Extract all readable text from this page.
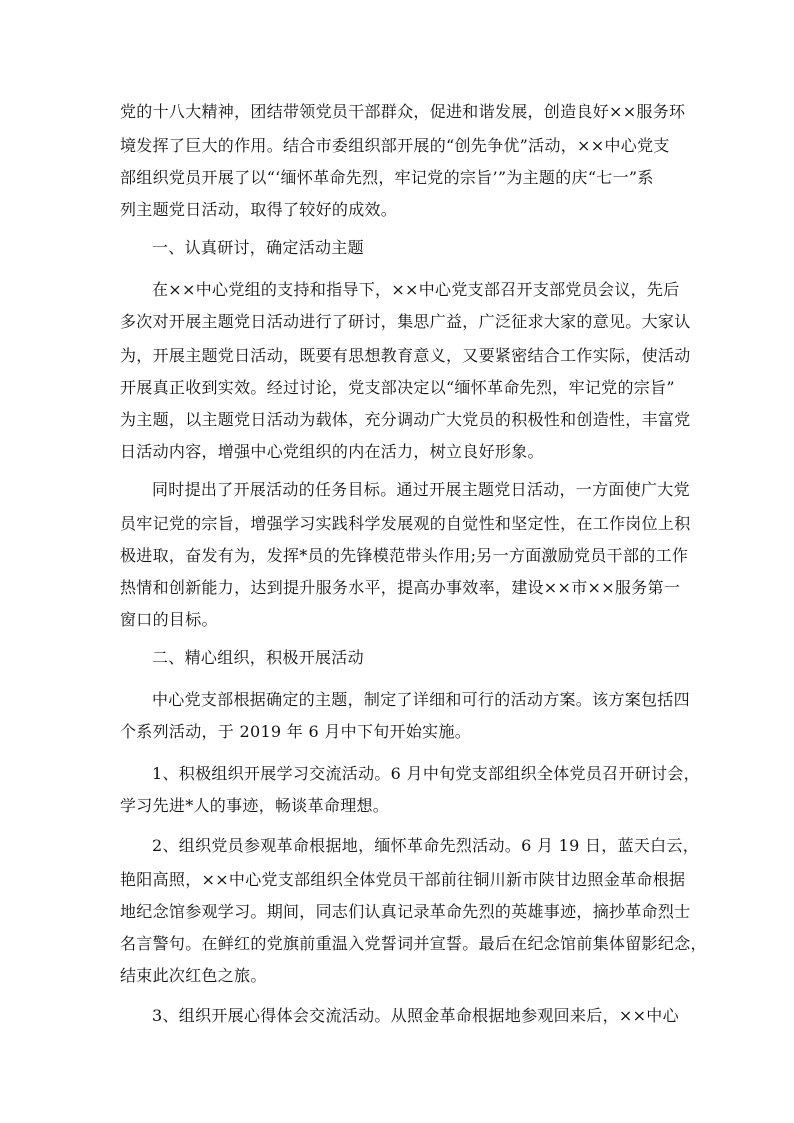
党的十八大精神，团结带领党员干部群众，促进和谐发展，创造良好××服务环
境发挥了巨大的作用。结合市委组织部开展的“创先争优”活动，××中心党支
部组织党员开展了以“‘缅怀革命先烈，牢记党的宗旨’”为主题的庆“七一”系
列主题党日活动，取得了较好的成效。
一、认真研讨，确定活动主题
在××中心党组的支持和指导下，××中心党支部召开支部党员会议，先后
多次对开展主题党日活动进行了研讨，集思广益，广泛征求大家的意见。大家认
为，开展主题党日活动，既要有思想教育意义，又要紧密结合工作实际，使活动
开展真正收到实效。经过讨论，党支部决定以“缅怀革命先烈，牢记党的宗旨”
为主题，以主题党日活动为载体，充分调动广大党员的积极性和创造性，丰富党
日活动内容，增强中心党组织的内在活力，树立良好形象。
同时提出了开展活动的任务目标。通过开展主题党日活动，一方面使广大党
员牢记党的宗旨，增强学习实践科学发展观的自觉性和坚定性，在工作岗位上积
极进取，奋发有为，发挥*员的先锋模范带头作用;另一方面激励党员干部的工作
热情和创新能力，达到提升服务水平，提高办事效率，建设××市××服务第一
窗口的目标。
二、精心组织，积极开展活动
中心党支部根据确定的主题，制定了详细和可行的活动方案。该方案包括四
个系列活动，于 2019 年 6 月中下旬开始实施。
1、积极组织开展学习交流活动。6 月中旬党支部组织全体党员召开研讨会，
学习先进*人的事迹，畅谈革命理想。
2、组织党员参观革命根据地，缅怀革命先烈活动。6 月 19 日，蓝天白云，
艳阳高照，××中心党支部组织全体党员干部前往铜川新市陕甘边照金革命根据
地纪念馆参观学习。期间，同志们认真记录革命先烈的英雄事迹，摘抄革命烈士
名言警句。在鲜红的党旗前重温入党誓词并宣誓。最后在纪念馆前集体留影纪念，
结束此次红色之旅。
3、组织开展心得体会交流活动。从照金革命根据地参观回来后，××中心
